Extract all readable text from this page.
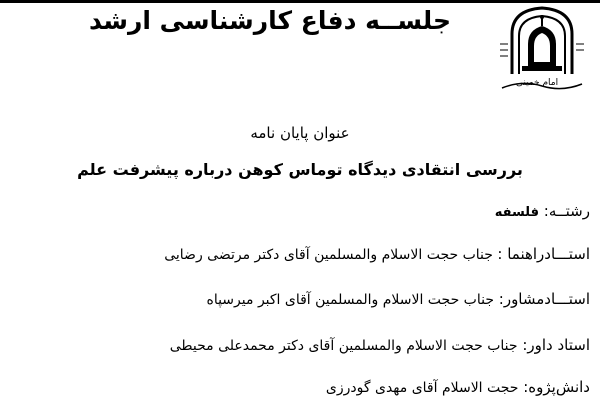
جلســه دفاع کارشناسی ارشد
امام خمینی
عنوان پایان نامه
بررسی انتقادی دیدگاه توماس کوهن درباره پیشرفت علم
رشتــه: فلسفه
استـــادراهنما : جناب حجت الاسلام والمسلمین آقای دکتر مرتضی رضایی
استـــادمشاور: جناب حجت الاسلام والمسلمین آقای اکبر میرسپاه
استاد داور: جناب حجت الاسلام والمسلمین آقای دکتر محمدعلی محیطی
دانش‌پژوه: حجت الاسلام آقای مهدی گودرزی
